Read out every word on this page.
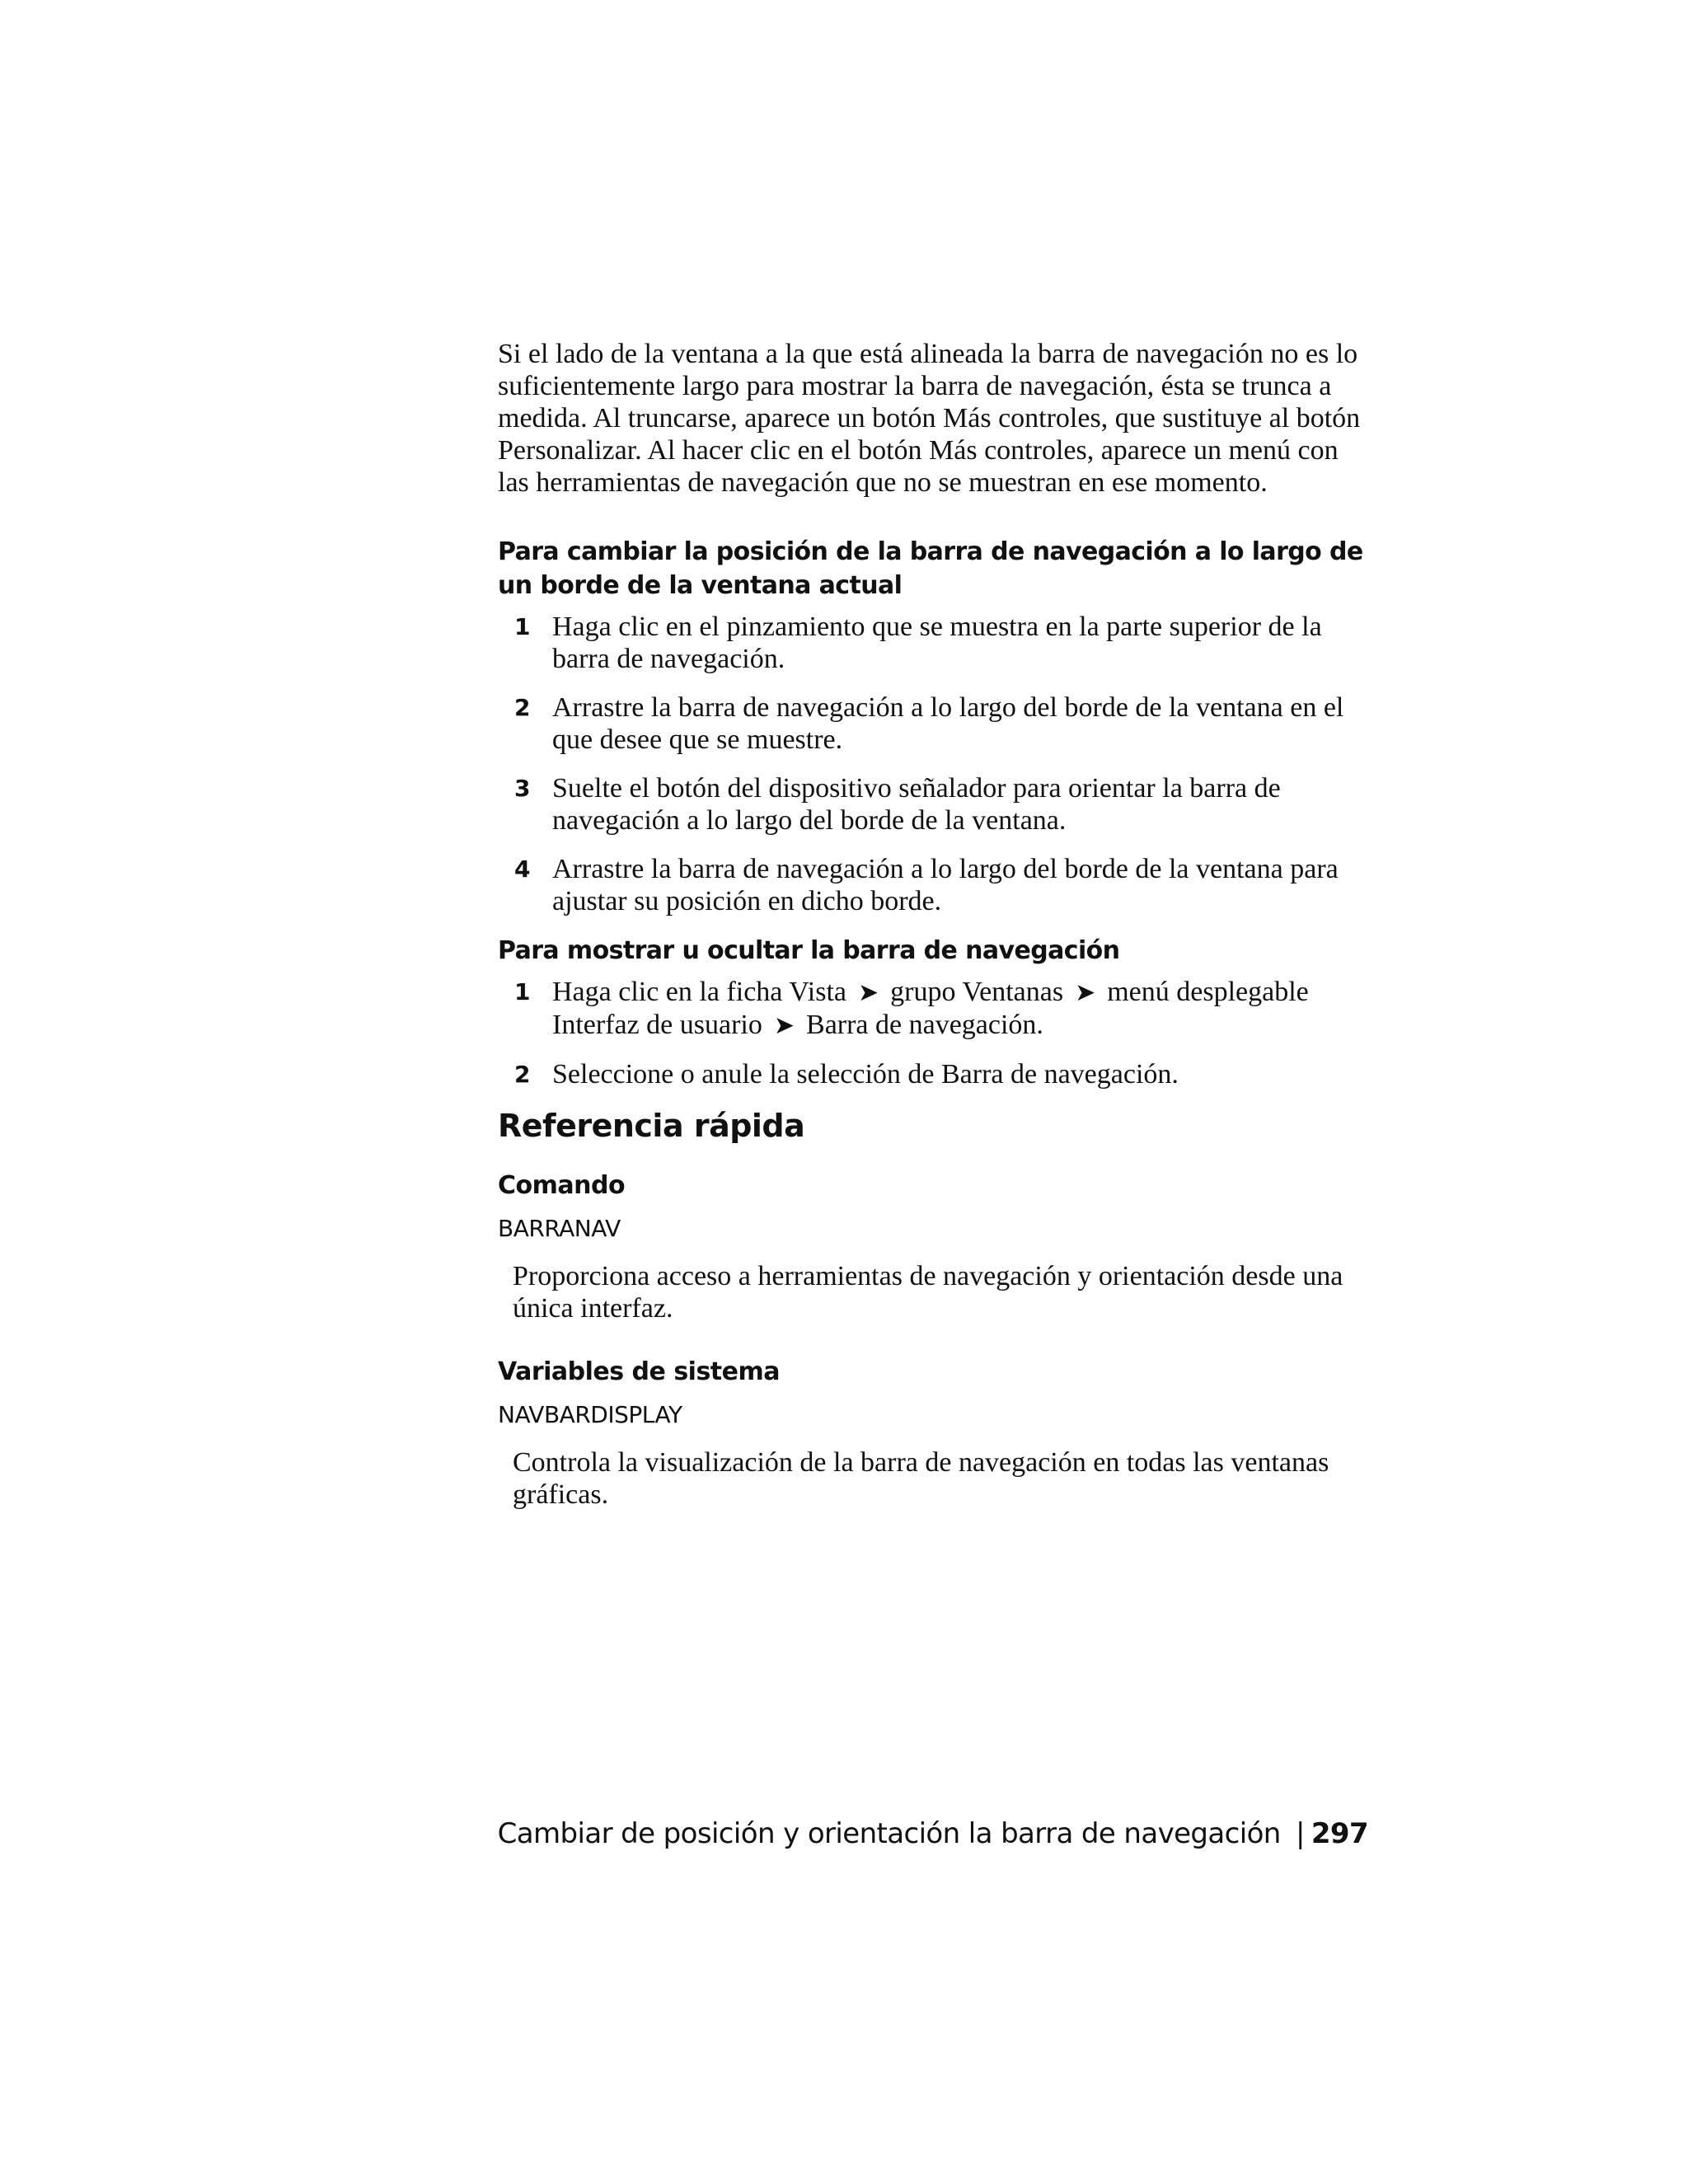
Si el lado de la ventana a la que está alineada la barra de navegación no es lo suficientemente largo para mostrar la barra de navegación, ésta se trunca a medida. Al truncarse, aparece un botón Más controles, que sustituye al botón Personalizar. Al hacer clic en el botón Más controles, aparece un menú con las herramientas de navegación que no se muestran en ese momento.

Para cambiar la posición de la barra de navegación a lo largo de un borde de la ventana actual
1 Haga clic en el pinzamiento que se muestra en la parte superior de la barra de navegación.
2 Arrastre la barra de navegación a lo largo del borde de la ventana en el que desee que se muestre.
3 Suelte el botón del dispositivo señalador para orientar la barra de navegación a lo largo del borde de la ventana.
4 Arrastre la barra de navegación a lo largo del borde de la ventana para ajustar su posición en dicho borde.
Para mostrar u ocultar la barra de navegación
1 Haga clic en la ficha Vista ➤ grupo Ventanas ➤ menú desplegable Interfaz de usuario ➤ Barra de navegación.
2 Seleccione o anule la selección de Barra de navegación.
Referencia rápida
Comando
BARRANAV

Proporciona acceso a herramientas de navegación y orientación desde una única interfaz.

Variables de sistema
NAVBARDISPLAY

Controla la visualización de la barra de navegación en todas las ventanas gráficas.

Cambiar de posición y orientación la barra de navegación | 297
